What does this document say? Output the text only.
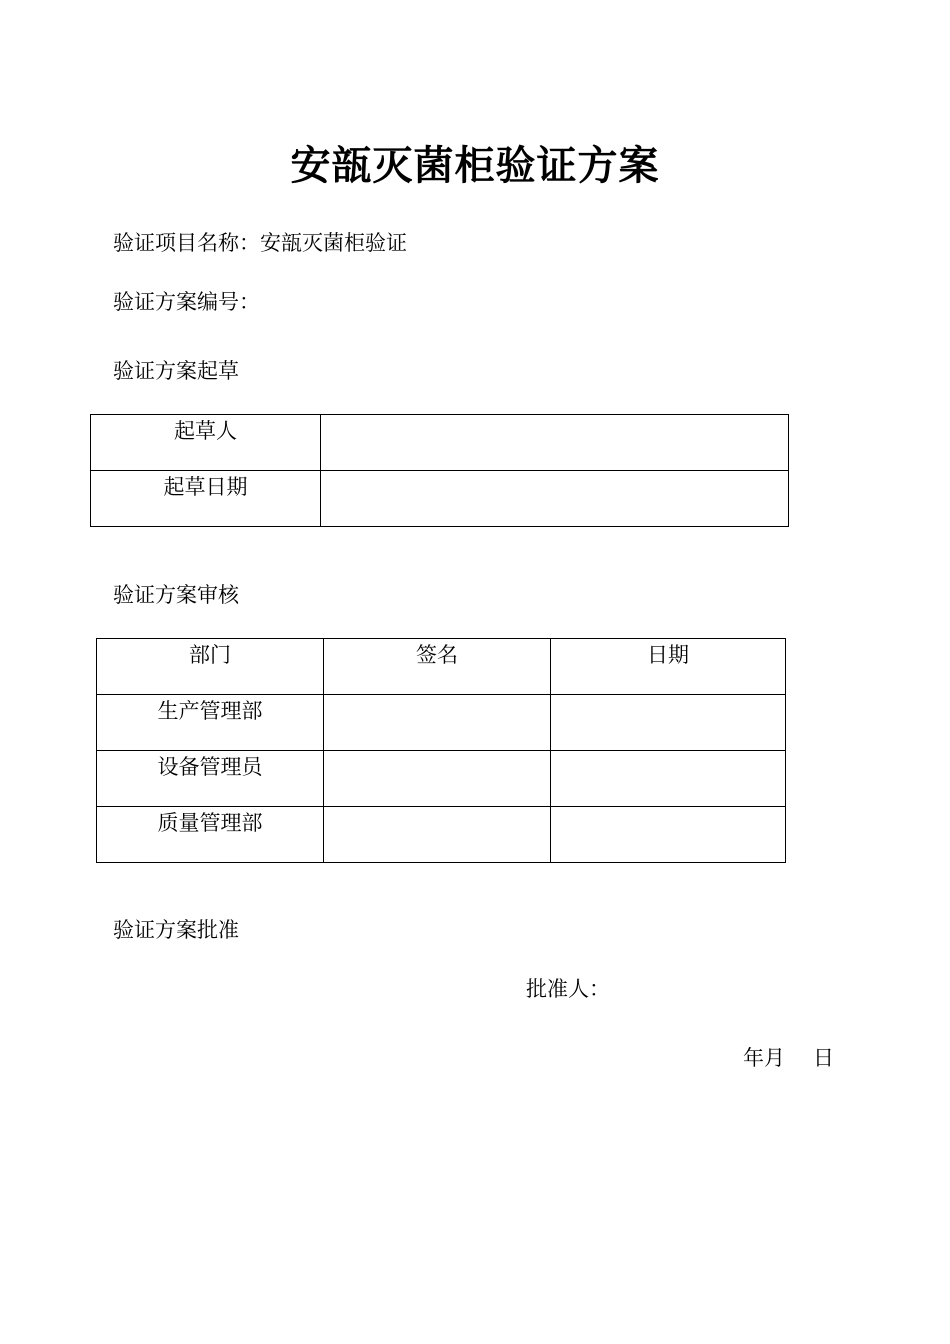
安瓿灭菌柜验证方案
验证项目名称：安瓿灭菌柜验证
验证方案编号：
验证方案起草
起草人	

起草日期	

验证方案审核
部门	签名	日期

生产管理部		

设备管理员		

质量管理部		

验证方案批准
批准人：
年月 日
